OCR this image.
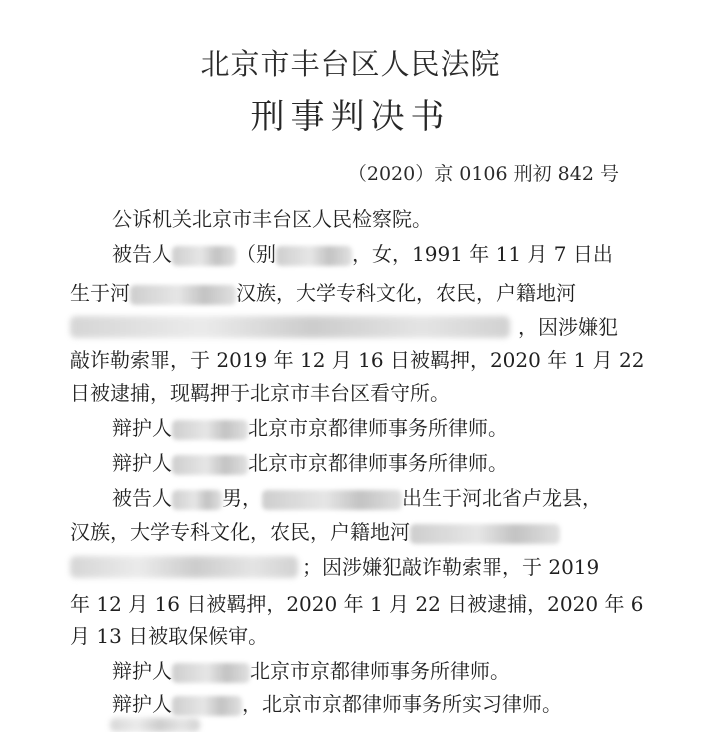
北京市丰台区人民法院
刑事判决书
（2020）京 0106 刑初 842 号
公诉机关北京市丰台区人民检察院。
被告人	（别	，女，1991 年 11 月 7 日出
生于河	汉族，大学专科文化，农民，户籍地河
，因涉嫌犯
敲诈勒索罪，于 2019 年 12 月 16 日被羁押，2020 年 1 月 22
日被逮捕，现羁押于北京市丰台区看守所。
辩护人	北京市京都律师事务所律师。
辩护人	北京市京都律师事务所律师。
被告人	男，	出生于河北省卢龙县，
汉族，大学专科文化，农民，户籍地河
；因涉嫌犯敲诈勒索罪，于 2019
年 12 月 16 日被羁押，2020 年 1 月 22 日被逮捕，2020 年 6
月 13 日被取保候审。
辩护人	北京市京都律师事务所律师。
辩护人	，北京市京都律师事务所实习律师。
